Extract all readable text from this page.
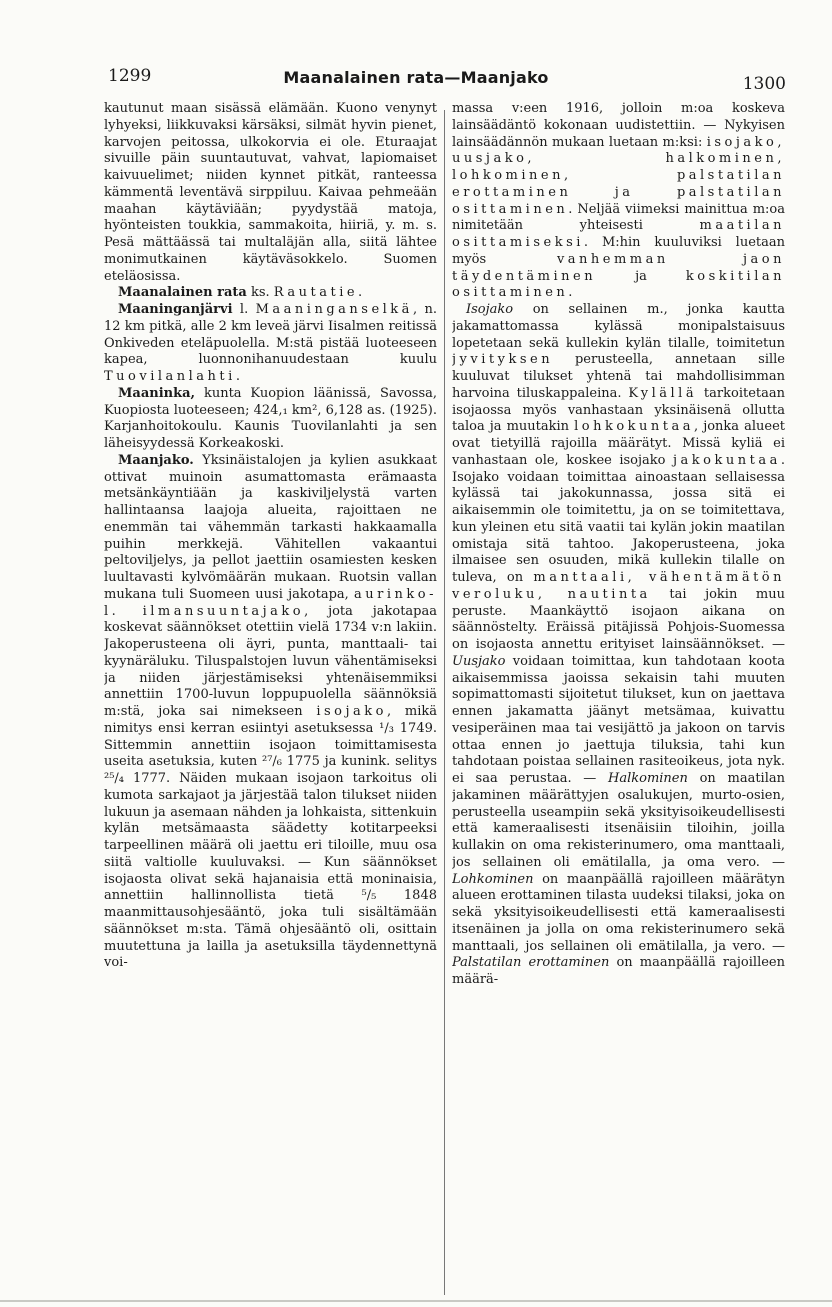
1299	Maanalainen rata—Maanjako	1300

kautunut maan sisässä elämään. Kuono venynyt lyhyeksi, liikkuvaksi kärsäksi, silmät hyvin pienet, karvojen peitossa, ulkokorvia ei ole. Eturaajat sivuille päin suuntautuvat, vahvat, lapiomaiset kaivuuelimet; niiden kynnet pitkät, ranteessa kämmentä leventävä sirppiluu. Kaivaa pehmeään maahan käytäviään; pyydystää matoja, hyönteisten toukkia, sammakoita, hiiriä, y. m. s. Pesä mättäässä tai multaläjän alla, siitä lähtee monimutkainen käytäväsokkelo. Suomen eteläosissa.

Maanalainen rata ks. Rautatie.

Maaninganjärvi l. Maaninganselkä, n. 12 km pitkä, alle 2 km leveä järvi Iisalmen reitissä Onkiveden eteläpuolella. M:stä pistää luoteeseen kapea, luonnonihanuudestaan kuulu Tuovilanlahti.

Maaninka, kunta Kuopion läänissä, Savossa, Kuopiosta luoteeseen; 424,₁ km², 6,128 as. (1925). Karjanhoitokoulu. Kaunis Tuovilanlahti ja sen läheisyydessä Korkeakoski.

Maanjako. Yksinäistalojen ja kylien asukkaat ottivat muinoin asumattomasta erämaasta metsänkäyntiään ja kaskiviljelystä varten hallintaansa laajoja alueita, rajoittaen ne enemmän tai vähemmän tarkasti hakkaamalla puihin merkkejä. Vähitellen vakaantui peltoviljelys, ja pellot jaettiin osamiesten kesken luultavasti kylvömäärän mukaan. Ruotsin vallan mukana tuli Suomeen uusi jakotapa, aurinko- l. ilmansuuntajako, jota jakotapaa koskevat säännökset otettiin vielä 1734 v:n lakiin. Jakoperusteena oli äyri, punta, manttaali- tai kyynäräluku. Tiluspalstojen luvun vähentämiseksi ja niiden järjestämiseksi yhtenäisemmiksi annettiin 1700-luvun loppupuolella säännöksiä m:stä, joka sai nimekseen isojako, mikä nimitys ensi kerran esiintyi asetuksessa ¹/₃ 1749. Sittemmin annettiin isojaon toimittamisesta useita asetuksia, kuten ²⁷/₆ 1775 ja kunink. selitys ²⁵/₄ 1777. Näiden mukaan isojaon tarkoitus oli kumota sarkajaot ja järjestää talon tilukset niiden lukuun ja asemaan nähden ja lohkaista, sittenkuin kylän metsämaasta säädetty kotitarpeeksi tarpeellinen määrä oli jaettu eri tiloille, muu osa siitä valtiolle kuuluvaksi. — Kun säännökset isojaosta olivat sekä hajanaisia että moninaisia, annettiin hallinnollista tietä ⁵/₅ 1848 maanmittausohjesääntö, joka tuli sisältämään säännökset m:sta. Tämä ohjesääntö oli, osittain muutettuna ja lailla ja asetuksilla täydennettynä voi-

massa v:een 1916, jolloin m:oa koskeva lainsäädäntö kokonaan uudistettiin. — Nykyisen lainsäädännön mukaan luetaan m:ksi: isojako, uusjako, halkominen, lohkominen, palstatilan erottaminen ja palstatilan osittaminen. Neljää viimeksi mainittua m:oa nimitetään yhteisesti maatilan osittamiseksi. M:hin kuuluviksi luetaan myös vanhemman jaon täydentäminen ja koskitilan osittaminen.

Isojako on sellainen m., jonka kautta jakamattomassa kylässä monipalstaisuus lopetetaan sekä kullekin kylän tilalle, toimitetun jyvityksen perusteella, annetaan sille kuuluvat tilukset yhtenä tai mahdollisimman harvoina tiluskappaleina. Kylällä tarkoitetaan isojaossa myös vanhastaan yksinäisenä ollutta taloa ja muutakin lohkokuntaa, jonka alueet ovat tietyillä rajoilla määrätyt. Missä kyliä ei vanhastaan ole, koskee isojako jakokuntaa. Isojako voidaan toimittaa ainoastaan sellaisessa kylässä tai jakokunnassa, jossa sitä ei aikaisemmin ole toimitettu, ja on se toimitettava, kun yleinen etu sitä vaatii tai kylän jokin maatilan omistaja sitä tahtoo. Jakoperusteena, joka ilmaisee sen osuuden, mikä kullekin tilalle on tuleva, on manttaali, vähentämätön veroluku, nautinta tai jokin muu peruste. Maankäyttö isojaon aikana on säännöstelty. Eräissä pitäjissä Pohjois-Suomessa on isojaosta annettu erityiset lainsäännökset. — Uusjako voidaan toimittaa, kun tahdotaan koota aikaisemmissa jaoissa sekaisin tahi muuten sopimattomasti sijoitetut tilukset, kun on jaettava ennen jakamatta jäänyt metsämaa, kuivattu vesiperäinen maa tai vesijättö ja jakoon on tarvis ottaa ennen jo jaettuja tiluksia, tahi kun tahdotaan poistaa sellainen rasiteoikeus, jota nyk. ei saa perustaa. — Halkominen on maatilan jakaminen määrättyjen osalukujen, murto-osien, perusteella useampiin sekä yksityisoikeudellisesti että kameraalisesti itsenäisiin tiloihin, joilla kullakin on oma rekisterinumero, oma manttaali, jos sellainen oli emätilalla, ja oma vero. — Lohkominen on maanpäällä rajoilleen määrätyn alueen erottaminen tilasta uudeksi tilaksi, joka on sekä yksityisoikeudellisesti että kameraalisesti itsenäinen ja jolla on oma rekisterinumero sekä manttaali, jos sellainen oli emätilalla, ja vero. — Palstatilan erottaminen on maanpäällä rajoilleen määrä-
